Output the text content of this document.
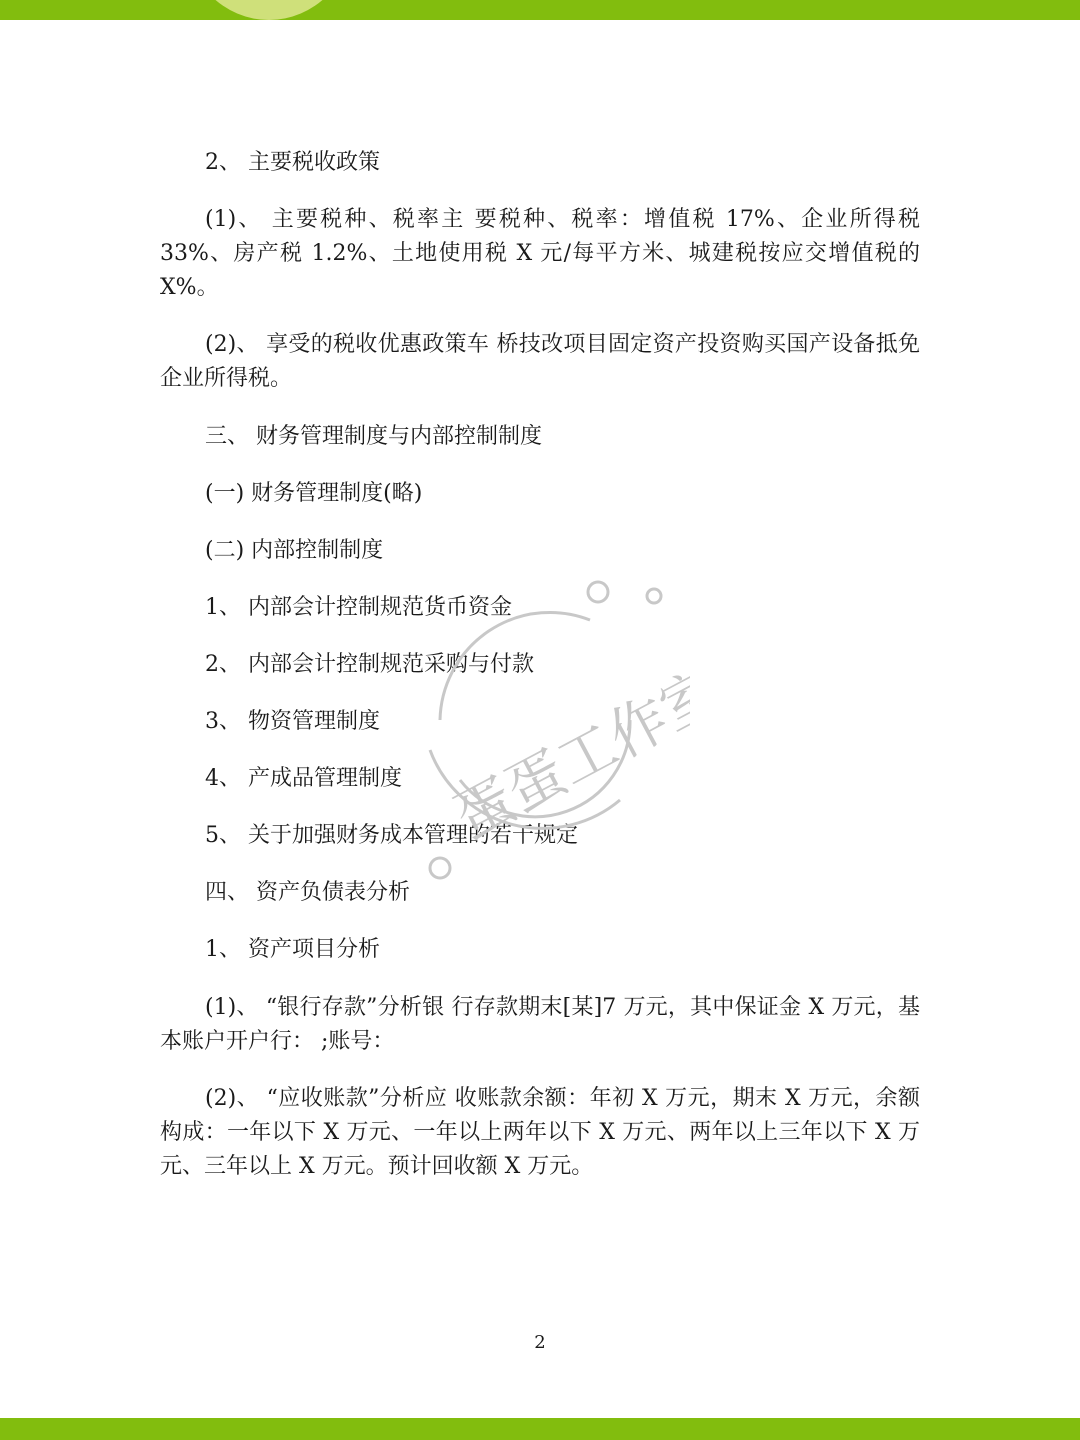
2、 主要税收政策
(1)、 主要税种、税率主 要税种、税率：增值税 17%、企业所得税 33%、房产税 1.2%、土地使用税 X 元/每平方米、城建税按应交增值税的 X%。
(2)、 享受的税收优惠政策车 桥技改项目固定资产投资购买国产设备抵免企业所得税。
三、 财务管理制度与内部控制制度
(一) 财务管理制度(略)
(二) 内部控制制度
1、 内部会计控制规范货币资金
2、 内部会计控制规范采购与付款
3、 物资管理制度
4、 产成品管理制度
5、 关于加强财务成本管理的若干规定
四、 资产负债表分析
1、 资产项目分析
(1)、 “银行存款”分析银 行存款期末[某]7 万元，其中保证金 X 万元，基本账户开户行： ;账号：
(2)、 “应收账款”分析应 收账款余额：年初 X 万元，期末 X 万元，余额构成：一年以下 X 万元、一年以上两年以下 X 万元、两年以上三年以下 X 万元、三年以上 X 万元。预计回收额 X 万元。
2
蛋蛋工作室
